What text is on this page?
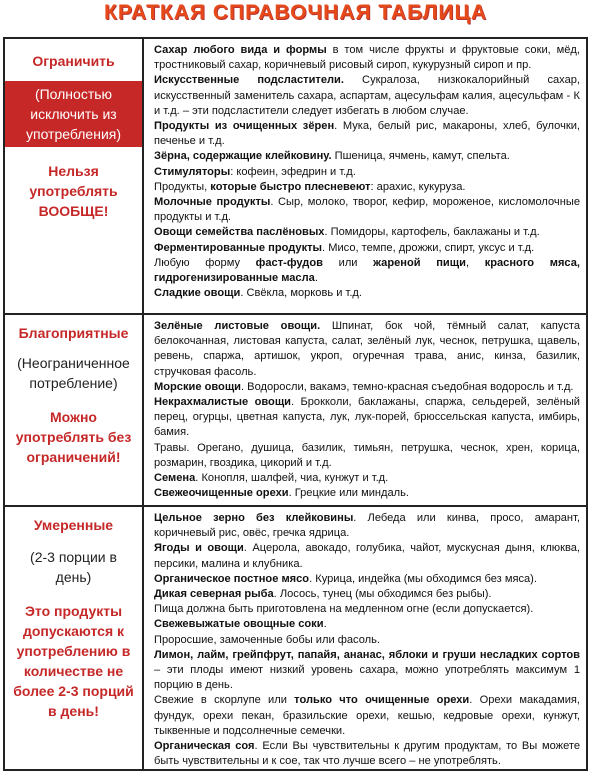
КРАТКАЯ СПРАВОЧНАЯ ТАБЛИЦА
Ограничить
(Полностью исключить из употребления)
Нельзя употреблять ВООБЩЕ!

Сахар любого вида и формы в том числе фрукты и фруктовые соки, мёд, тростниковый сахар, коричневый рисовый сироп, кукурузный сироп и пр.

Искусственные подсластители. Сукралоза, низкокалорийный сахар, искусственный заменитель сахара, аспартам, ацесульфам калия, ацесульфам - К и т.д. – эти подсластители следует избегать в любом случае.

Продукты из очищенных зёрен. Мука, белый рис, макароны, хлеб, булочки, печенье и т.д.

Зёрна, содержащие клейковину. Пшеница, ячмень, камут, спельта.

Стимуляторы: кофеин, эфедрин и т.д.

Продукты, которые быстро плесневеют: арахис, кукуруза.

Молочные продукты. Сыр, молоко, творог, кефир, мороженое, кисломолочные продукты и т.д.

Овощи семейства паслёновых. Помидоры, картофель, баклажаны и т.д.

Ферментированные продукты. Мисо, темпе, дрожжи, спирт, уксус и т.д.

Любую форму фаст-фудов или жареной пищи, красного мяса, гидрогенизированные масла.

Сладкие овощи. Свёкла, морковь и т.д.

Благоприятные
(Неограниченное потребление)
Можно употреблять без ограничений!

Зелёные листовые овощи. Шпинат, бок чой, тёмный салат, капуста белокочанная, листовая капуста, салат, зелёный лук, чеснок, петрушка, щавель, ревень, спаржа, артишок, укроп, огуречная трава, анис, кинза, базилик, стручковая фасоль.

Морские овощи. Водоросли, вакамэ, темно-красная съедобная водоросль и т.д.

Некрахмалистые овощи. Брокколи, баклажаны, спаржа, сельдерей, зелёный перец, огурцы, цветная капуста, лук, лук-порей, брюссельская капуста, имбирь, бамия.

Травы. Орегано, душица, базилик, тимьян, петрушка, чеснок, хрен, корица, розмарин, гвоздика, цикорий и т.д.

Семена. Конопля, шалфей, чиа, кунжут и т.д.

Свежеочищенные орехи. Грецкие или миндаль.

Умеренные
(2-3 порции в день)
Это продукты допускаются к употреблению в количестве не более 2-3 порций в день!

Цельное зерно без клейковины. Лебеда или кинва, просо, амарант, коричневый рис, овёс, гречка ядрица.

Ягоды и овощи. Ацерола, авокадо, голубика, чайот, мускусная дыня, клюква, персики, малина и клубника.

Органическое постное мясо. Курица, индейка (мы обходимся без мяса).

Дикая северная рыба. Лосось, тунец (мы обходимся без рыбы).

Пища должна быть приготовлена на медленном огне (если допускается).

Свежевыжатые овощные соки.

Проросшие, замоченные бобы или фасоль.

Лимон, лайм, грейпфрут, папайя, ананас, яблоки и груши несладких сортов – эти плоды имеют низкий уровень сахара, можно употреблять максимум 1 порцию в день.

Свежие в скорлупе или только что очищенные орехи. Орехи макадамия, фундук, орехи пекан, бразильские орехи, кешью, кедровые орехи, кунжут, тыквенные и подсолнечные семечки.

Органическая соя. Если Вы чувствительны к другим продуктам, то Вы можете быть чувствительны и к сое, так что лучше всего – не употреблять.
